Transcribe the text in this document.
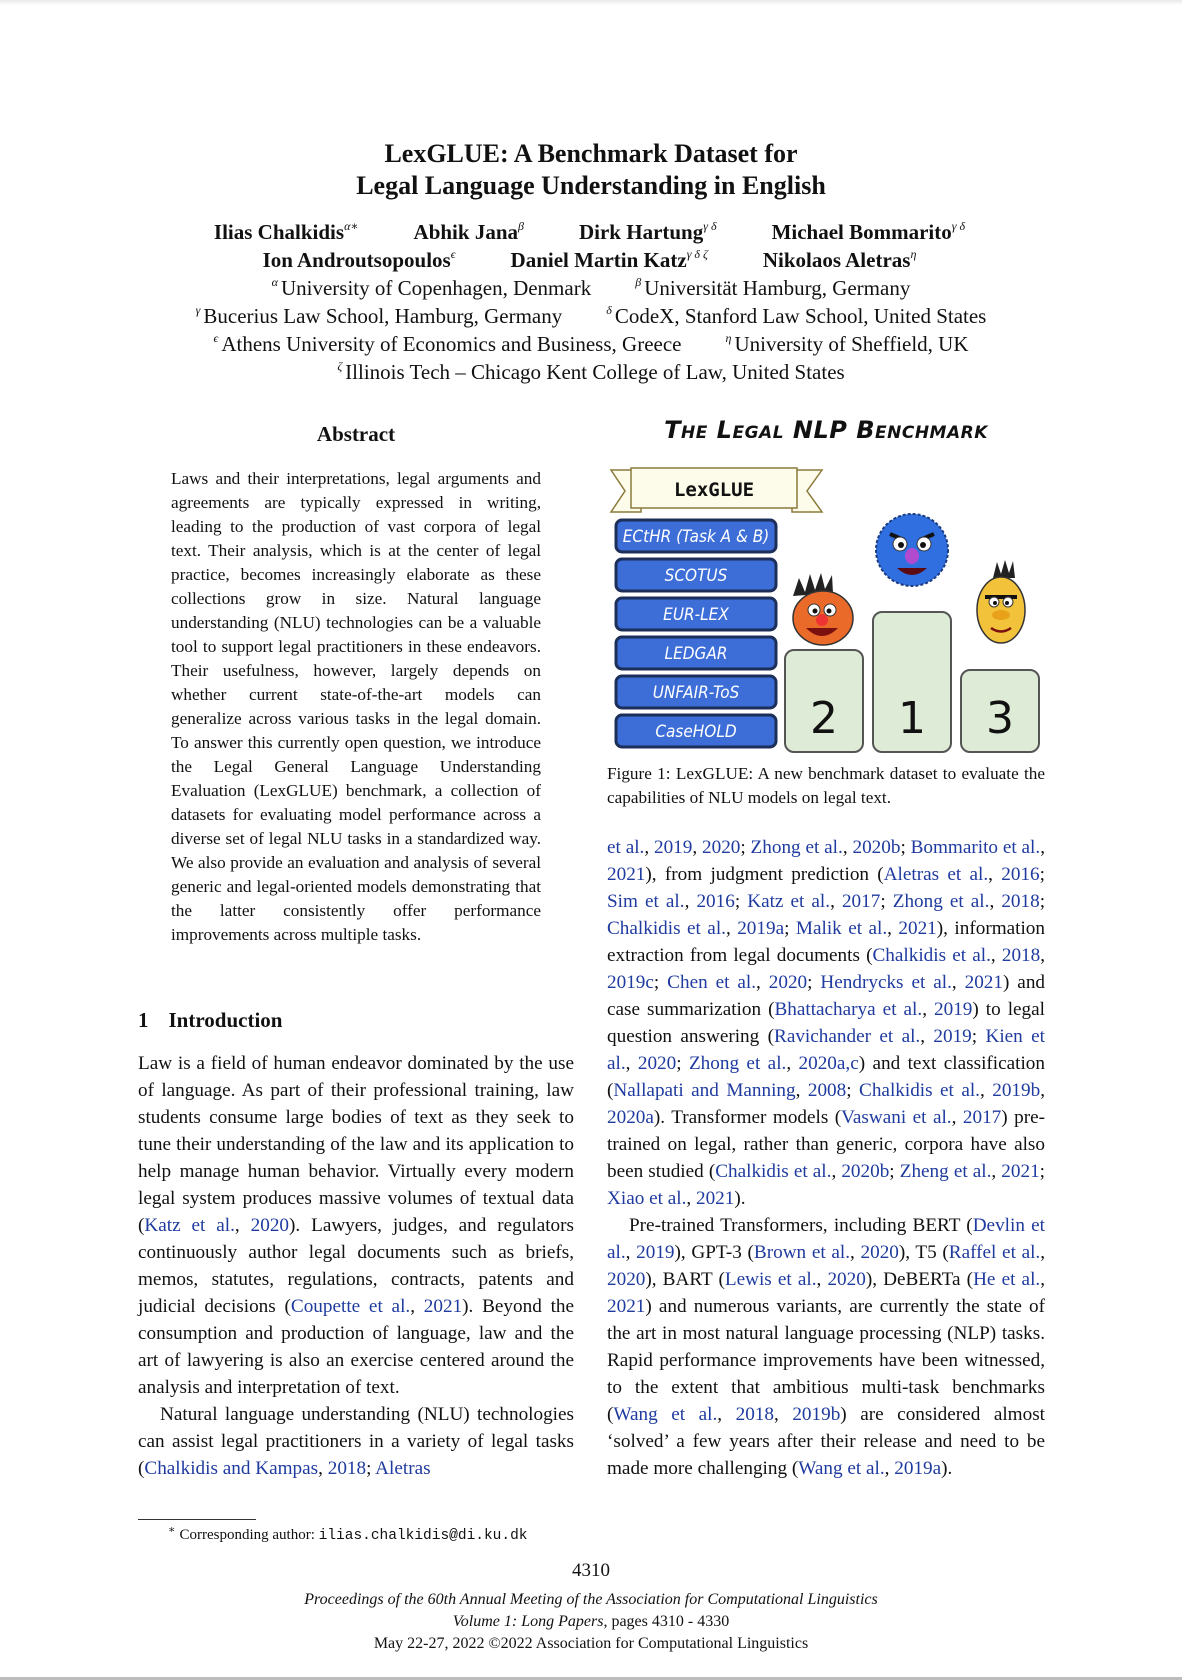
LexGLUE: A Benchmark Dataset for
Legal Language Understanding in English
Ilias Chalkidis$^{\alpha∗}$	Abhik Jana$^\beta$	Dirk Hartung$^{\gamma \delta}$	Michael Bommarito$^{\gamma \delta}$
Ion Androutsopoulos$^\epsilon$	Daniel Martin Katz$^{\gamma \delta \zeta}$	Nikolaos Aletras$^\eta$
$^\alpha$ University of Copenhagen, Denmark	$^\beta$ Universität Hamburg, Germany
$^\gamma$ Bucerius Law School, Hamburg, Germany	$^\delta$ CodeX, Stanford Law School, United States
$^\epsilon$ Athens University of Economics and Business, Greece	$^\eta$ University of Sheffield, UK
$^\zeta$ Illinois Tech – Chicago Kent College of Law, United States
Abstract
Laws and their interpretations, legal arguments and agreements are typically expressed in writing, leading to the production of vast corpora of legal text. Their analysis, which is at the center of legal practice, becomes increasingly elaborate as these collections grow in size. Natural language understanding (NLU) technologies can be a valuable tool to support legal practitioners in these endeavors. Their usefulness, however, largely depends on whether current state-of-the-art models can generalize across various tasks in the legal domain. To answer this currently open question, we introduce the Legal General Language Understanding Evaluation (LexGLUE) benchmark, a collection of datasets for evaluating model performance across a diverse set of legal NLU tasks in a standardized way. We also provide an evaluation and analysis of several generic and legal-oriented models demonstrating that the latter consistently offer performance improvements across multiple tasks.
1 Introduction

Law is a field of human endeavor dominated by the use of language. As part of their professional training, law students consume large bodies of text as they seek to tune their understanding of the law and its application to help manage human behavior. Virtually every modern legal system produces massive volumes of textual data (Katz et al., 2020). Lawyers, judges, and regulators continuously author legal documents such as briefs, memos, statutes, regulations, contracts, patents and judicial decisions (Coupette et al., 2021). Beyond the consumption and production of language, law and the art of lawyering is also an exercise centered around the analysis and interpretation of text.

Natural language understanding (NLU) technologies can assist legal practitioners in a variety of legal tasks (Chalkidis and Kampas, 2018; Aletras

∗ Corresponding author: ilias.chalkidis@di.ku.dk
The Legal NLP Benchmark
LexGLUE
ECtHR (Task A & B)
SCOTUS
EUR-LEX
LEDGAR
UNFAIR-ToS
CaseHOLD 2 1 3
Figure 1: LexGLUE: A new benchmark dataset to evaluate the capabilities of NLU models on legal text.

et al., 2019, 2020; Zhong et al., 2020b; Bommarito et al., 2021), from judgment prediction (Aletras et al., 2016; Sim et al., 2016; Katz et al., 2017; Zhong et al., 2018; Chalkidis et al., 2019a; Malik et al., 2021), information extraction from legal documents (Chalkidis et al., 2018, 2019c; Chen et al., 2020; Hendrycks et al., 2021) and case summarization (Bhattacharya et al., 2019) to legal question answering (Ravichander et al., 2019; Kien et al., 2020; Zhong et al., 2020a,c) and text classification (Nallapati and Manning, 2008; Chalkidis et al., 2019b, 2020a). Transformer models (Vaswani et al., 2017) pre-trained on legal, rather than generic, corpora have also been studied (Chalkidis et al., 2020b; Zheng et al., 2021; Xiao et al., 2021).

Pre-trained Transformers, including BERT (Devlin et al., 2019), GPT-3 (Brown et al., 2020), T5 (Raffel et al., 2020), BART (Lewis et al., 2020), DeBERTa (He et al., 2021) and numerous variants, are currently the state of the art in most natural language processing (NLP) tasks. Rapid performance improvements have been witnessed, to the extent that ambitious multi-task benchmarks (Wang et al., 2018, 2019b) are considered almost ‘solved’ a few years after their release and need to be made more challenging (Wang et al., 2019a).

4310
Proceedings of the 60th Annual Meeting of the Association for Computational Linguistics
Volume 1: Long Papers, pages 4310 - 4330
May 22-27, 2022 ©2022 Association for Computational Linguistics
